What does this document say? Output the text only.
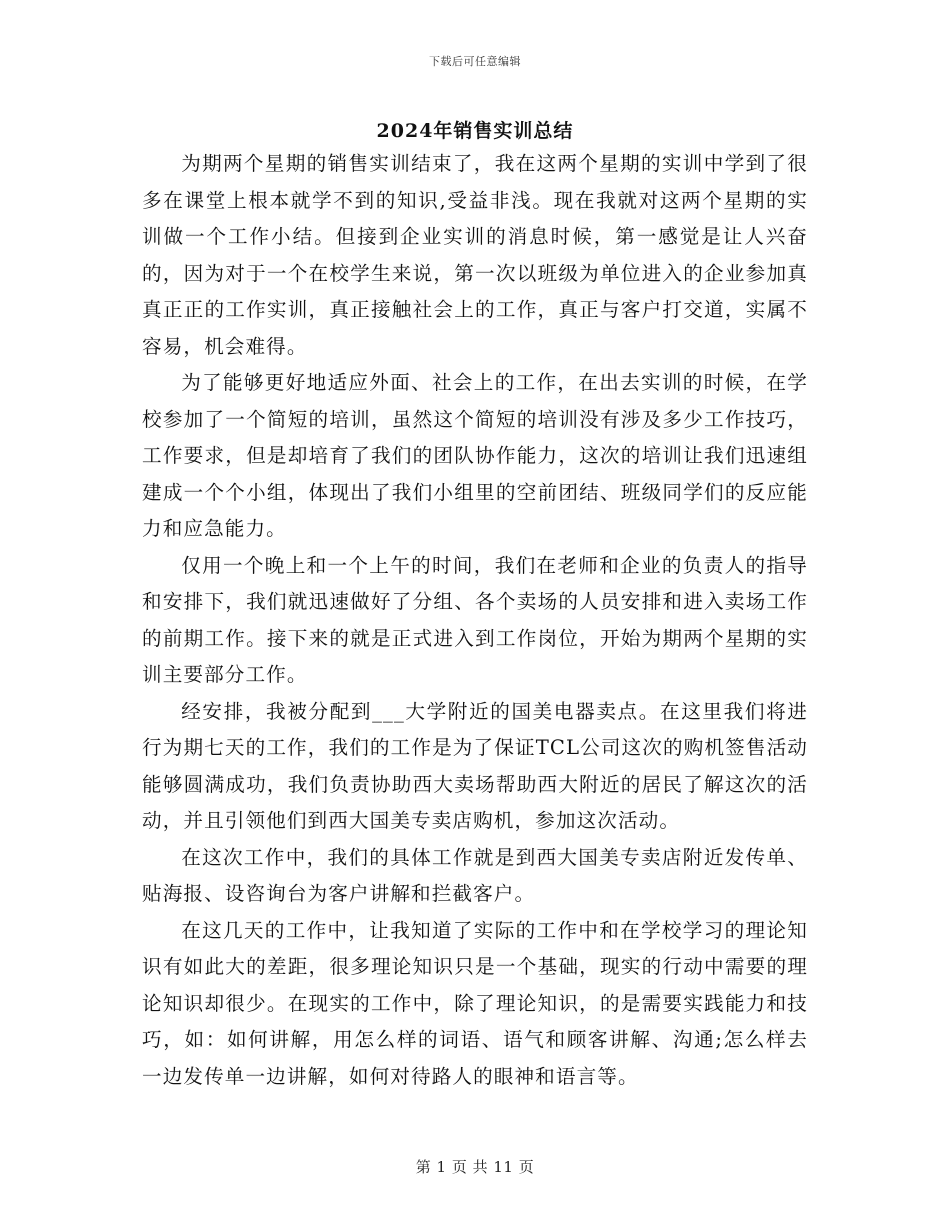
下载后可任意编辑
2024年销售实训总结

为期两个星期的销售实训结束了，我在这两个星期的实训中学到了很多在课堂上根本就学不到的知识,受益非浅。现在我就对这两个星期的实训做一个工作小结。但接到企业实训的消息时候，第一感觉是让人兴奋的，因为对于一个在校学生来说，第一次以班级为单位进入的企业参加真真正正的工作实训，真正接触社会上的工作，真正与客户打交道，实属不容易，机会难得。

为了能够更好地适应外面、社会上的工作，在出去实训的时候，在学校参加了一个简短的培训，虽然这个简短的培训没有涉及多少工作技巧，工作要求，但是却培育了我们的团队协作能力，这次的培训让我们迅速组建成一个个小组，体现出了我们小组里的空前团结、班级同学们的反应能力和应急能力。

仅用一个晚上和一个上午的时间，我们在老师和企业的负责人的指导和安排下，我们就迅速做好了分组、各个卖场的人员安排和进入卖场工作的前期工作。接下来的就是正式进入到工作岗位，开始为期两个星期的实训主要部分工作。

经安排，我被分配到___大学附近的国美电器卖点。在这里我们将进行为期七天的工作，我们的工作是为了保证TCL公司这次的购机签售活动能够圆满成功，我们负责协助西大卖场帮助西大附近的居民了解这次的活动，并且引领他们到西大国美专卖店购机，参加这次活动。

在这次工作中，我们的具体工作就是到西大国美专卖店附近发传单、贴海报、设咨询台为客户讲解和拦截客户。

在这几天的工作中，让我知道了实际的工作中和在学校学习的理论知识有如此大的差距，很多理论知识只是一个基础，现实的行动中需要的理论知识却很少。在现实的工作中，除了理论知识，的是需要实践能力和技巧，如：如何讲解，用怎么样的词语、语气和顾客讲解、沟通;怎么样去一边发传单一边讲解，如何对待路人的眼神和语言等。

第 1 页 共 11 页
